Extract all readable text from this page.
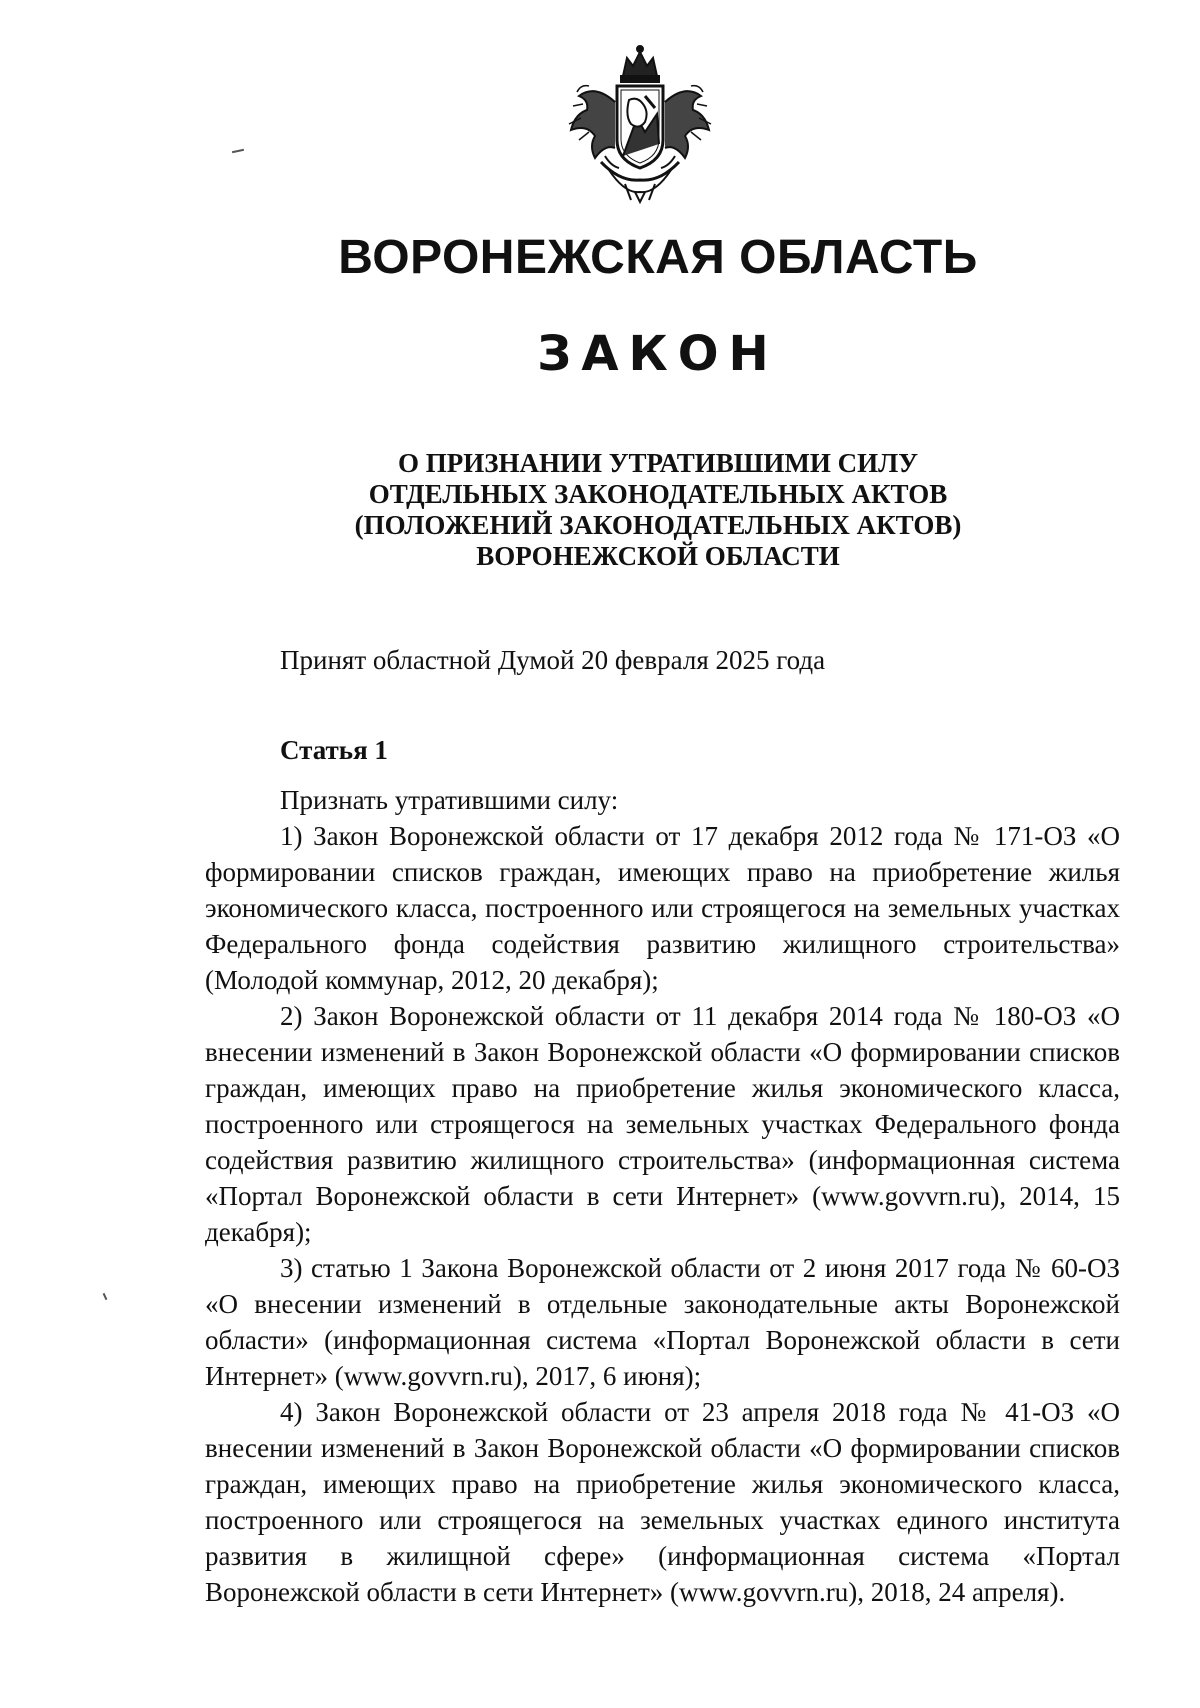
ВОРОНЕЖСКАЯ ОБЛАСТЬ
ЗАКОН
О ПРИЗНАНИИ УТРАТИВШИМИ СИЛУ
ОТДЕЛЬНЫХ ЗАКОНОДАТЕЛЬНЫХ АКТОВ
(ПОЛОЖЕНИЙ ЗАКОНОДАТЕЛЬНЫХ АКТОВ)
ВОРОНЕЖСКОЙ ОБЛАСТИ
Принят областной Думой 20 февраля 2025 года
Статья 1

Признать утратившими силу:

1) Закон Воронежской области от 17 декабря 2012 года № 171-ОЗ «О формировании списков граждан, имеющих право на приобретение жилья экономического класса, построенного или строящегося на земельных участках Федерального фонда содействия развитию жилищного строительства» (Молодой коммунар, 2012, 20 декабря);

2) Закон Воронежской области от 11 декабря 2014 года № 180-ОЗ «О внесении изменений в Закон Воронежской области «О формировании списков граждан, имеющих право на приобретение жилья экономического класса, построенного или строящегося на земельных участках Федерального фонда содействия развитию жилищного строительства» (информационная система «Портал Воронежской области в сети Интернет» (www.govvrn.ru), 2014, 15 декабря);

3) статью 1 Закона Воронежской области от 2 июня 2017 года № 60-ОЗ «О внесении изменений в отдельные законодательные акты Воронежской области» (информационная система «Портал Воронежской области в сети Интернет» (www.govvrn.ru), 2017, 6 июня);

4) Закон Воронежской области от 23 апреля 2018 года № 41-ОЗ «О внесении изменений в Закон Воронежской области «О формировании списков граждан, имеющих право на приобретение жилья экономического класса, построенного или строящегося на земельных участках единого института развития в жилищной сфере» (информационная система «Портал Воронежской области в сети Интернет» (www.govvrn.ru), 2018, 24 апреля).
